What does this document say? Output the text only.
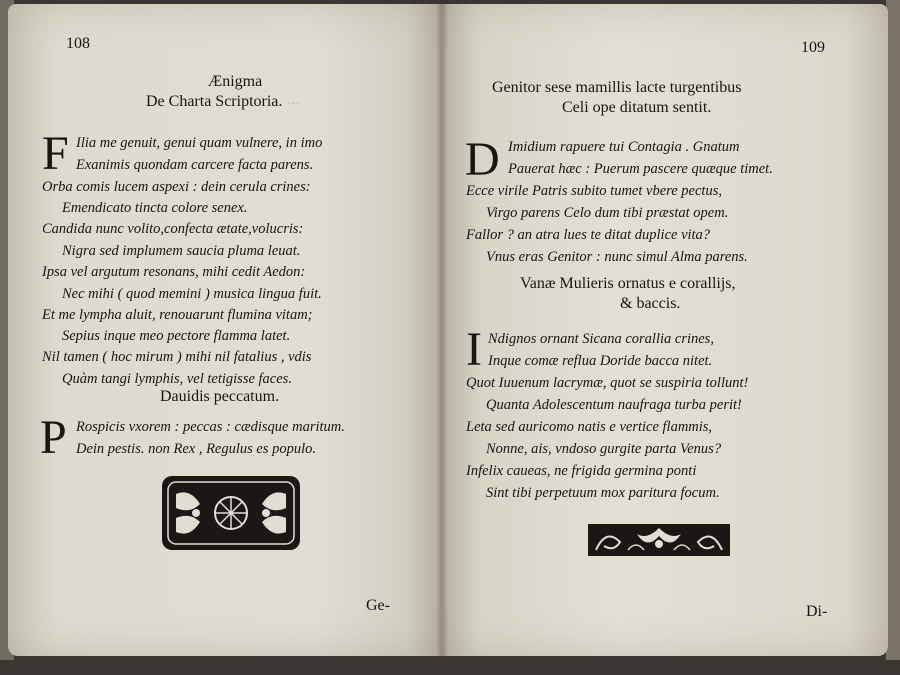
…
108
Ænigma
De Charta Scriptoria.
F Ilia me genuit, genui quam vulnere, in imo
Exanimis quondam carcere facta parens.
Orba comis lucem aspexi : dein cerula crines:
Emendicato tincta colore senex.
Candida nunc volito,confecta ætate,volucris:
Nigra sed implumem saucia pluma leuat.
Ipsa vel argutum resonans, mihi cedit Aedon:
Nec mihi ( quod memini ) musica lingua fuit.
Et me lympha aluit, renouarunt flumina vitam;
Sepius inque meo pectore flamma latet.
Nil tamen ( hoc mirum ) mihi nil fatalius , vdis
Quàm tangi lymphis, vel tetigisse faces.
Dauidis peccatum.
P Rospicis vxorem : peccas : cædisque maritum.
Dein pestis. non Rex , Regulus es populo.
Ge-
109
Genitor sese mamillis lacte turgentibus
Celi ope ditatum sentit.
D Imidium rapuere tui Contagia . Gnatum
Pauerat hæc : Puerum pascere quæque timet.
Ecce virile Patris subito tumet vbere pectus,
Virgo parens Celo dum tibi præstat opem.
Fallor ? an atra lues te ditat duplice vita?
Vnus eras Genitor : nunc simul Alma parens.
Vanæ Mulieris ornatus e corallijs,
& baccis.
I Ndignos ornant Sicana corallia crines,
Inque comæ reflua Doride bacca nitet.
Quot Iuuenum lacrymæ, quot se suspiria tollunt!
Quanta Adolescentum naufraga turba perit!
Leta sed auricomo natis e vertice flammis,
Nonne, ais, vndoso gurgite parta Venus?
Infelix caueas, ne frigida germina ponti
Sint tibi perpetuum mox paritura focum.
Di-
